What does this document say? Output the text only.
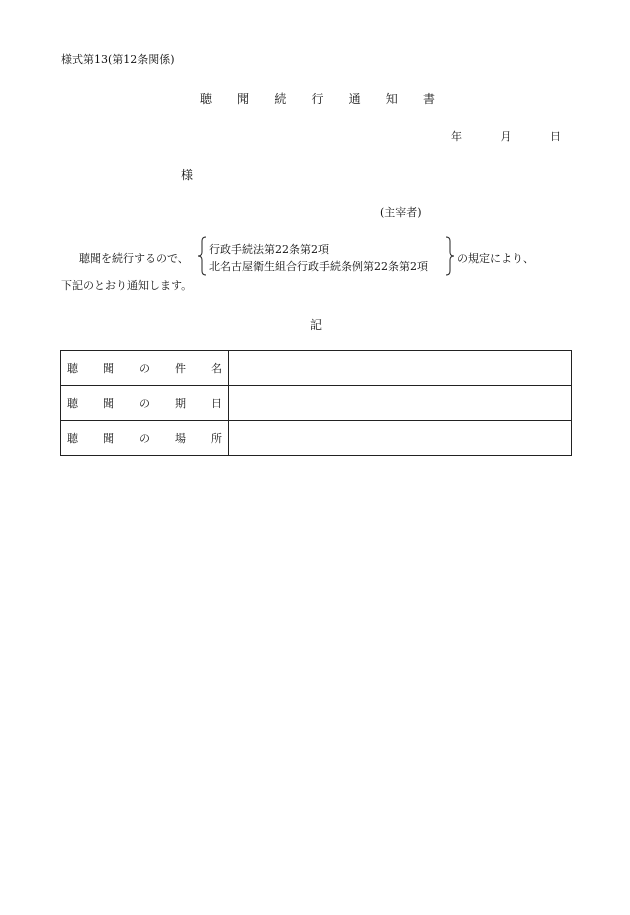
様式第13(第12条関係)
聴 聞 続 行 通 知 書
年	月	日
様
(主宰者)
聴聞を続行するので、
行政手続法第22条第2項
北名古屋衛生組合行政手続条例第22条第2項
の規定により、
下記のとおり通知します。
記
聴 聞 の 件 名	

聴 聞 の 期 日	

聴 聞 の 場 所	
